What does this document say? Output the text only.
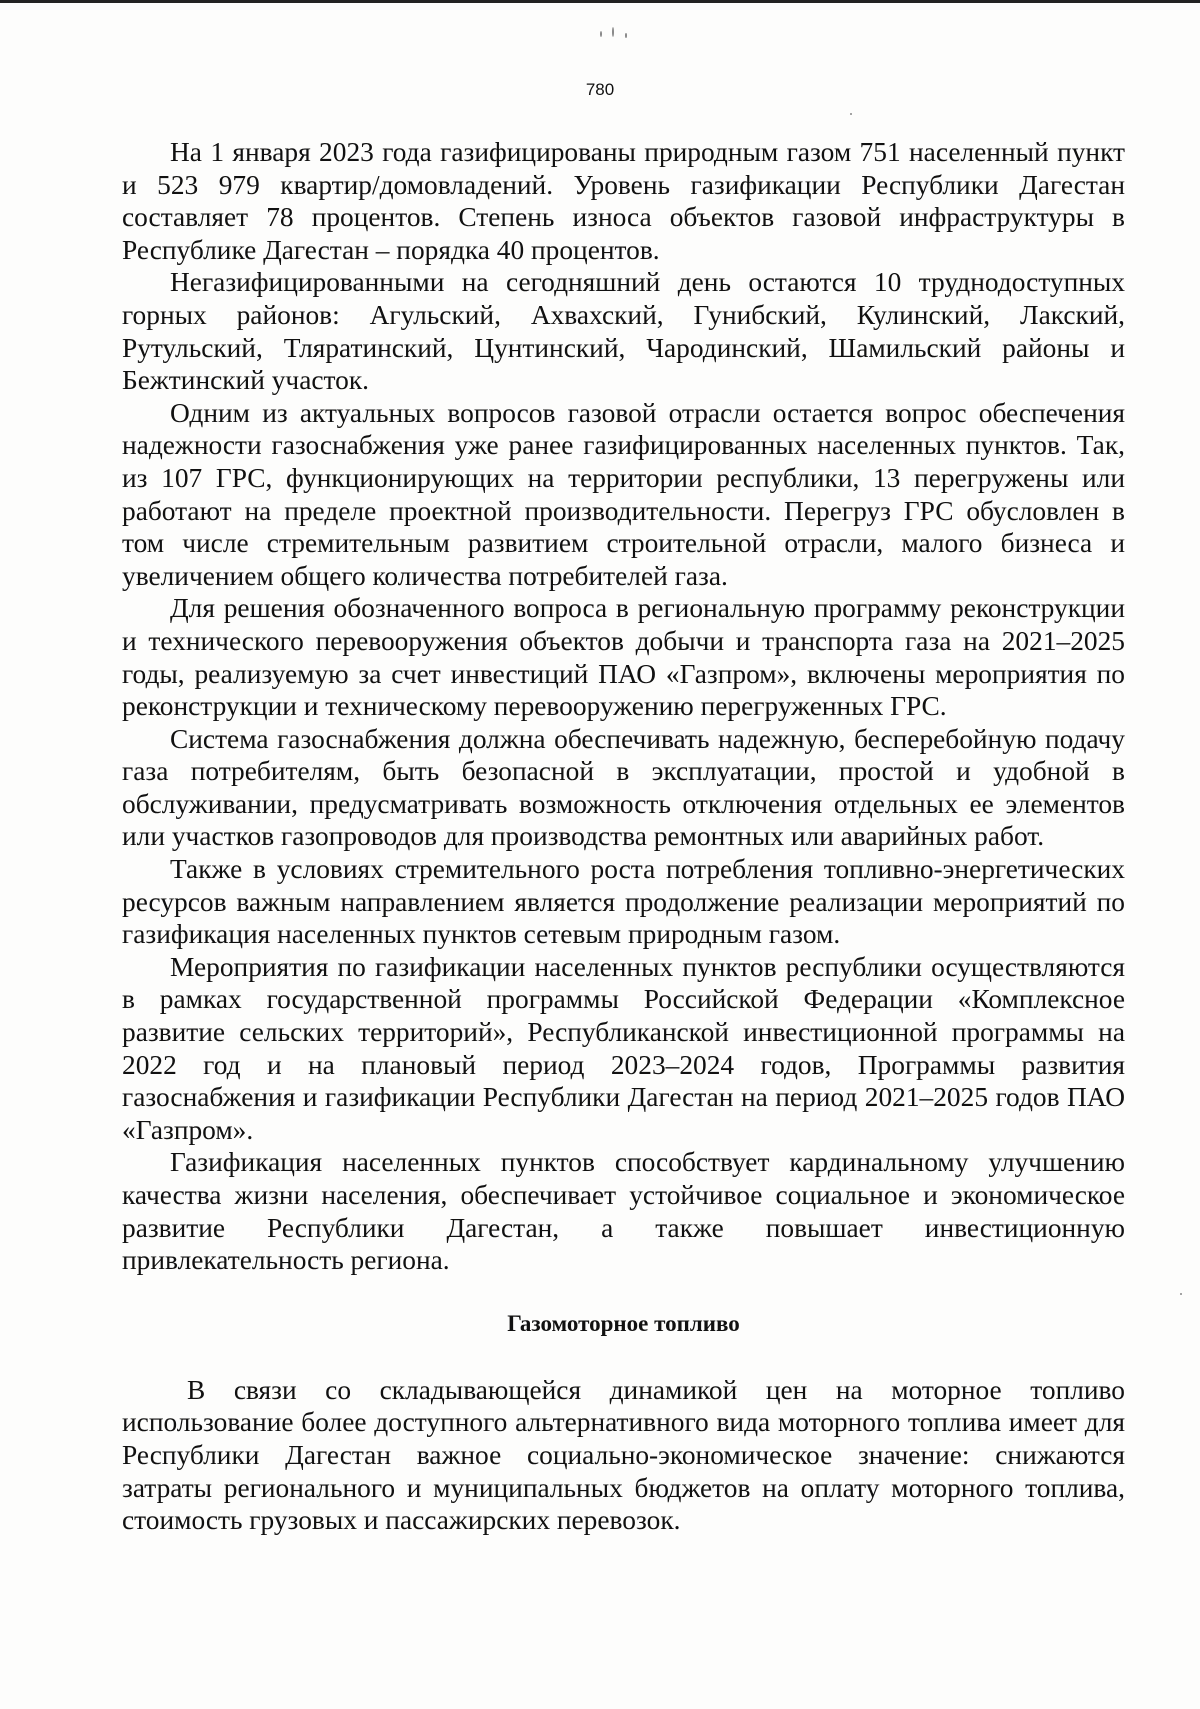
780

На 1 января 2023 года газифицированы природным газом 751 населенный пункт и 523 979 квартир/домовладений. Уровень газификации Республики Дагестан составляет 78 процентов. Степень износа объектов газовой инфраструктуры в Республике Дагестан – порядка 40 процентов.

Негазифицированными на сегодняшний день остаются 10 труднодоступных горных районов: Агульский, Ахвахский, Гунибский, Кулинский, Лакский, Рутульский, Тляратинский, Цунтинский, Чародинский, Шамильский районы и Бежтинский участок.

Одним из актуальных вопросов газовой отрасли остается вопрос обеспечения надежности газоснабжения уже ранее газифицированных населенных пунктов. Так, из 107 ГРС, функционирующих на территории республики, 13 перегружены или работают на пределе проектной производительности. Перегруз ГРС обусловлен в том числе стремительным развитием строительной отрасли, малого бизнеса и увеличением общего количества потребителей газа.

Для решения обозначенного вопроса в региональную программу реконструкции и технического перевооружения объектов добычи и транспорта газа на 2021–2025 годы, реализуемую за счет инвестиций ПАО «Газпром», включены мероприятия по реконструкции и техническому перевооружению перегруженных ГРС.

Система газоснабжения должна обеспечивать надежную, бесперебойную подачу газа потребителям, быть безопасной в эксплуатации, простой и удобной в обслуживании, предусматривать возможность отключения отдельных ее элементов или участков газопроводов для производства ремонтных или аварийных работ.

Также в условиях стремительного роста потребления топливно-энергетических ресурсов важным направлением является продолжение реализации мероприятий по газификация населенных пунктов сетевым природным газом.

Мероприятия по газификации населенных пунктов республики осуществляются в рамках государственной программы Российской Федерации «Комплексное развитие сельских территорий», Республиканской инвестиционной программы на 2022 год и на плановый период 2023–2024 годов, Программы развития газоснабжения и газификации Республики Дагестан на период 2021–2025 годов ПАО «Газпром».

Газификация населенных пунктов способствует кардинальному улучшению качества жизни населения, обеспечивает устойчивое социальное и экономическое развитие Республики Дагестан, а также повышает инвестиционную привлекательность региона.

Газомоторное топливо

В связи со складывающейся динамикой цен на моторное топливо использование более доступного альтернативного вида моторного топлива имеет для Республики Дагестан важное социально-экономическое значение: снижаются затраты регионального и муниципальных бюджетов на оплату моторного топлива, стоимость грузовых и пассажирских перевозок.
